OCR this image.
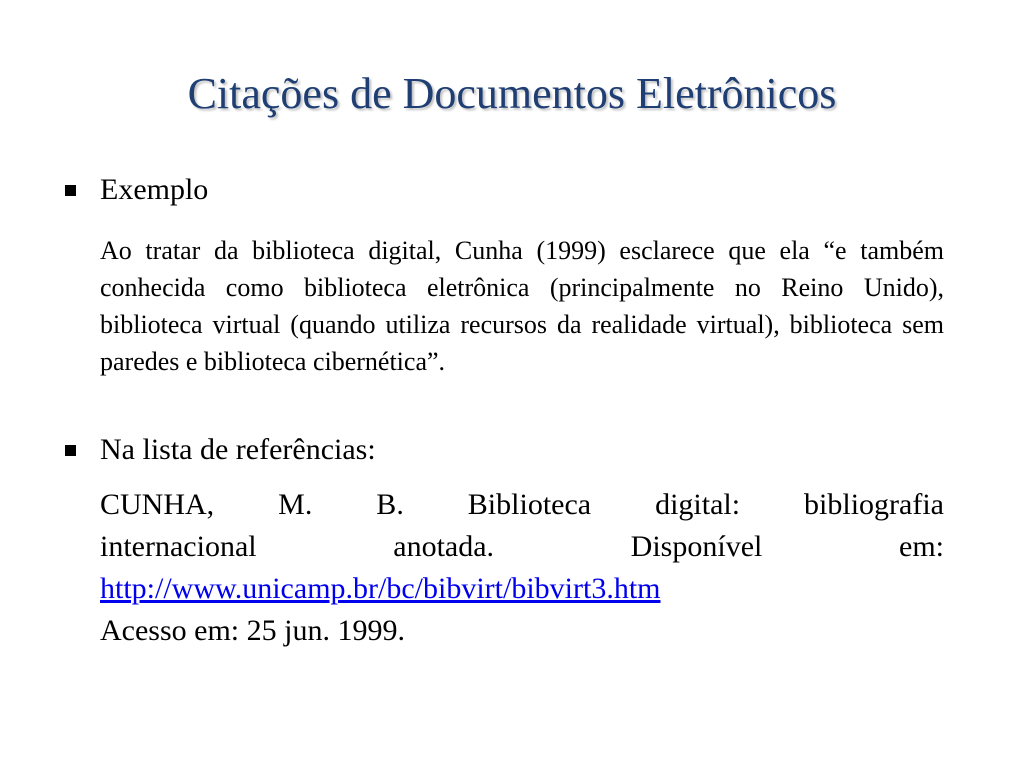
Citações de Documentos Eletrônicos
Exemplo
Ao tratar da biblioteca digital, Cunha (1999) esclarece que ela “e também conhecida como biblioteca eletrônica (principalmente no Reino Unido), biblioteca virtual (quando utiliza recursos da realidade virtual), biblioteca sem paredes e biblioteca cibernética”.
Na lista de referências:
CUNHA, M. B. Biblioteca digital: bibliografia
internacional anotada. Disponível em:
http://www.unicamp.br/bc/bibvirt/bibvirt3.htm
Acesso em: 25 jun. 1999.
